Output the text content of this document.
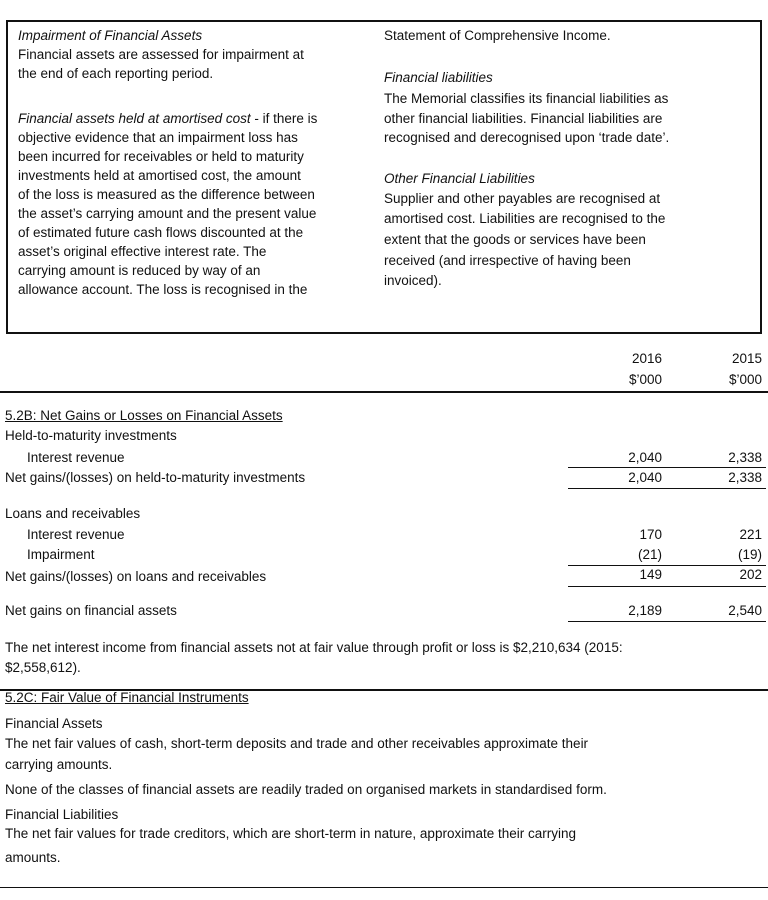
Impairment of Financial Assets
Financial assets are assessed for impairment at
the end of each reporting period.
Financial assets held at amortised cost - if there is
objective evidence that an impairment loss has
been incurred for receivables or held to maturity
investments held at amortised cost, the amount
of the loss is measured as the difference between
the asset’s carrying amount and the present value
of estimated future cash flows discounted at the
asset’s original effective interest rate. The
carrying amount is reduced by way of an
allowance account. The loss is recognised in the
Statement of Comprehensive Income.
Financial liabilities
The Memorial classifies its financial liabilities as
other financial liabilities. Financial liabilities are
recognised and derecognised upon ‘trade date’.
Other Financial Liabilities
Supplier and other payables are recognised at
amortised cost. Liabilities are recognised to the
extent that the goods or services have been
received (and irrespective of having been
invoiced).
2016	2015
$’000	$’000
5.2B: Net Gains or Losses on Financial Assets
Held-to-maturity investments
Interest revenue	2,040	2,338
Net gains/(losses) on held-to-maturity investments	2,040	2,338
Loans and receivables
Interest revenue	170	221
Impairment	(21)	(19)
Net gains/(losses) on loans and receivables	149	202
Net gains on financial assets	2,189	2,540
The net interest income from financial assets not at fair value through profit or loss is $2,210,634 (2015:
$2,558,612).
5.2C: Fair Value of Financial Instruments
Financial Assets
The net fair values of cash, short-term deposits and trade and other receivables approximate their
carrying amounts.
None of the classes of financial assets are readily traded on organised markets in standardised form.
Financial Liabilities
The net fair values for trade creditors, which are short-term in nature, approximate their carrying
amounts.
